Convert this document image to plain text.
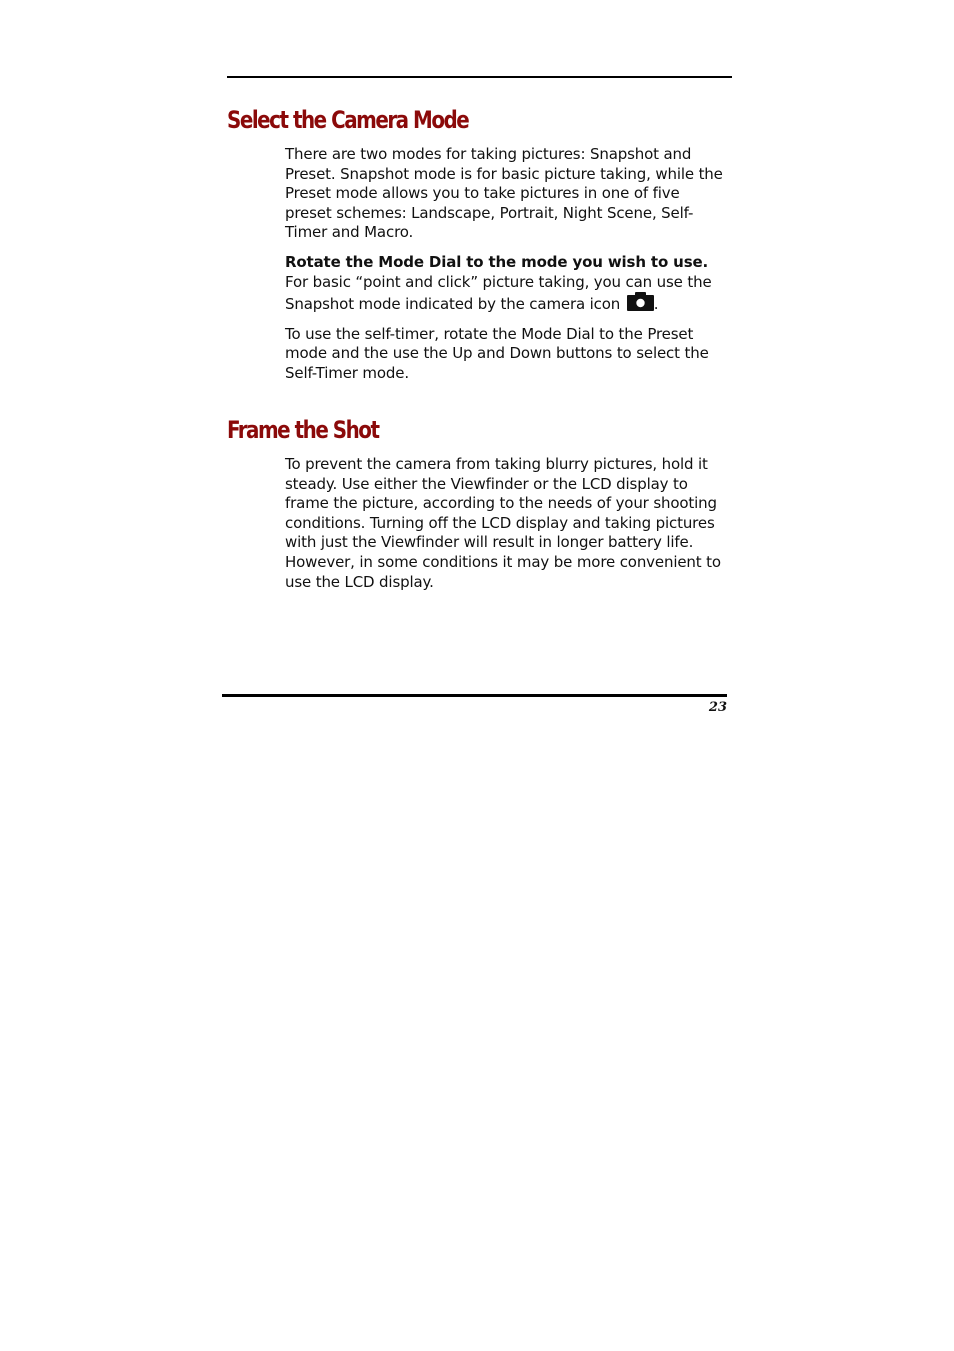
Select the Camera Mode

There are two modes for taking pictures: Snapshot and Preset. Snapshot mode is for basic picture taking, while the Preset mode allows you to take pictures in one of five preset schemes: Landscape, Portrait, Night Scene, Self-Timer and Macro.

Rotate the Mode Dial to the mode you wish to use. For basic “point and click” picture taking, you can use the Snapshot mode indicated by the camera icon
.

To use the self-timer, rotate the Mode Dial to the Preset mode and the use the Up and Down buttons to select the Self-Timer mode.

Frame the Shot

To prevent the camera from taking blurry pictures, hold it steady. Use either the Viewfinder or the LCD display to frame the picture, according to the needs of your shooting conditions. Turning off the LCD display and taking pictures with just the Viewfinder will result in longer battery life. However, in some conditions it may be more convenient to use the LCD display.

23
